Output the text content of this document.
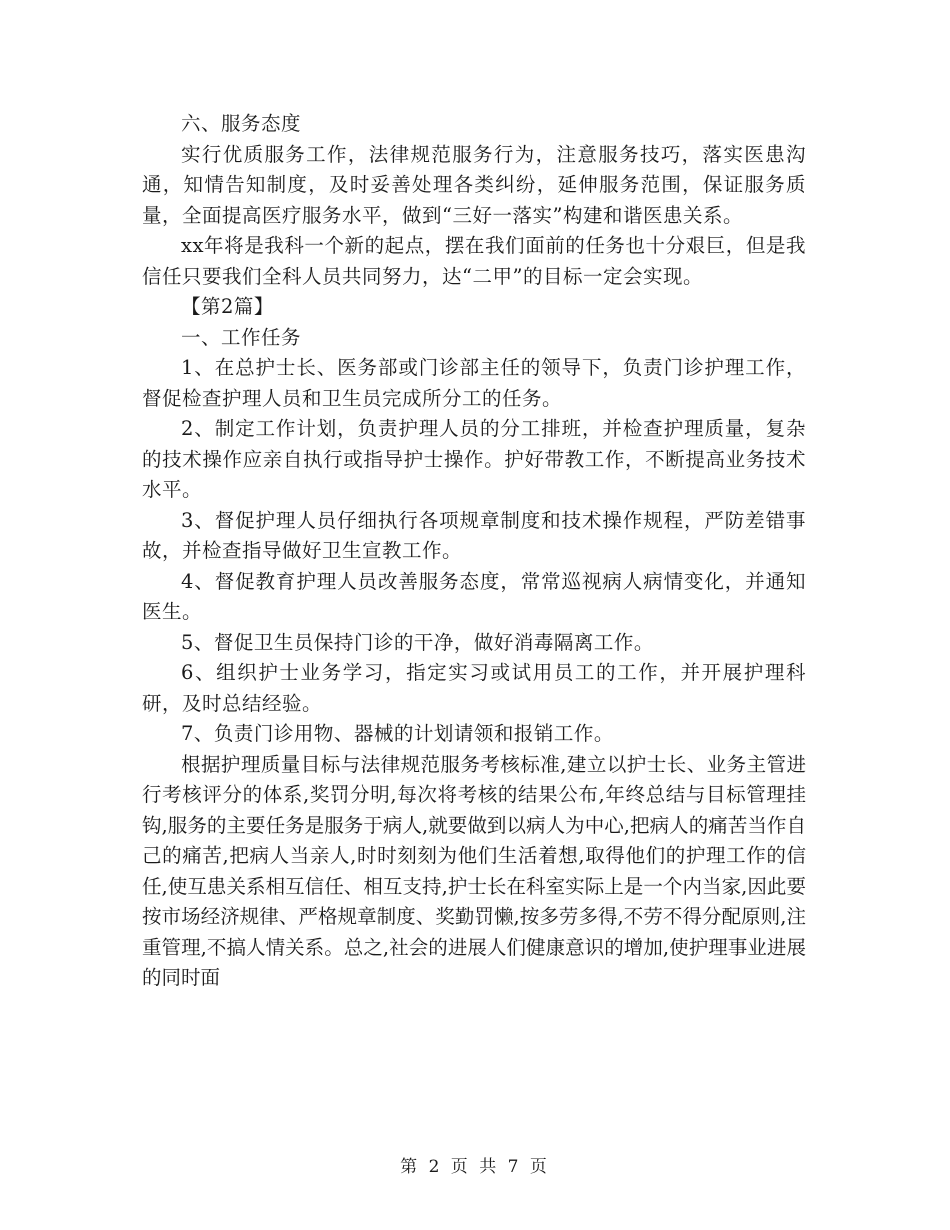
六、服务态度

实行优质服务工作，法律规范服务行为，注意服务技巧，落实医患沟通，知情告知制度，及时妥善处理各类纠纷，延伸服务范围，保证服务质量，全面提高医疗服务水平，做到“三好一落实”构建和谐医患关系。

xx年将是我科一个新的起点，摆在我们面前的任务也十分艰巨，但是我信任只要我们全科人员共同努力，达“二甲”的目标一定会实现。

【第2篇】

一、工作任务

1、在总护士长、医务部或门诊部主任的领导下，负责门诊护理工作，督促检查护理人员和卫生员完成所分工的任务。

2、制定工作计划，负责护理人员的分工排班，并检查护理质量，复杂的技术操作应亲自执行或指导护士操作。护好带教工作，不断提高业务技术水平。

3、督促护理人员仔细执行各项规章制度和技术操作规程，严防差错事故，并检查指导做好卫生宣教工作。

4、督促教育护理人员改善服务态度，常常巡视病人病情变化，并通知医生。

5、督促卫生员保持门诊的干净，做好消毒隔离工作。

6、组织护士业务学习，指定实习或试用员工的工作，并开展护理科研，及时总结经验。

7、负责门诊用物、器械的计划请领和报销工作。

根据护理质量目标与法律规范服务考核标准,建立以护士长、业务主管进行考核评分的体系,奖罚分明,每次将考核的结果公布,年终总结与目标管理挂钩,服务的主要任务是服务于病人,就要做到以病人为中心,把病人的痛苦当作自己的痛苦,把病人当亲人,时时刻刻为他们生活着想,取得他们的护理工作的信任,使互患关系相互信任、相互支持,护士长在科室实际上是一个内当家,因此要按市场经济规律、严格规章制度、奖勤罚懒,按多劳多得,不劳不得分配原则,注重管理,不搞人情关系。总之,社会的进展人们健康意识的增加,使护理事业进展的同时面

第 2 页 共 7 页
